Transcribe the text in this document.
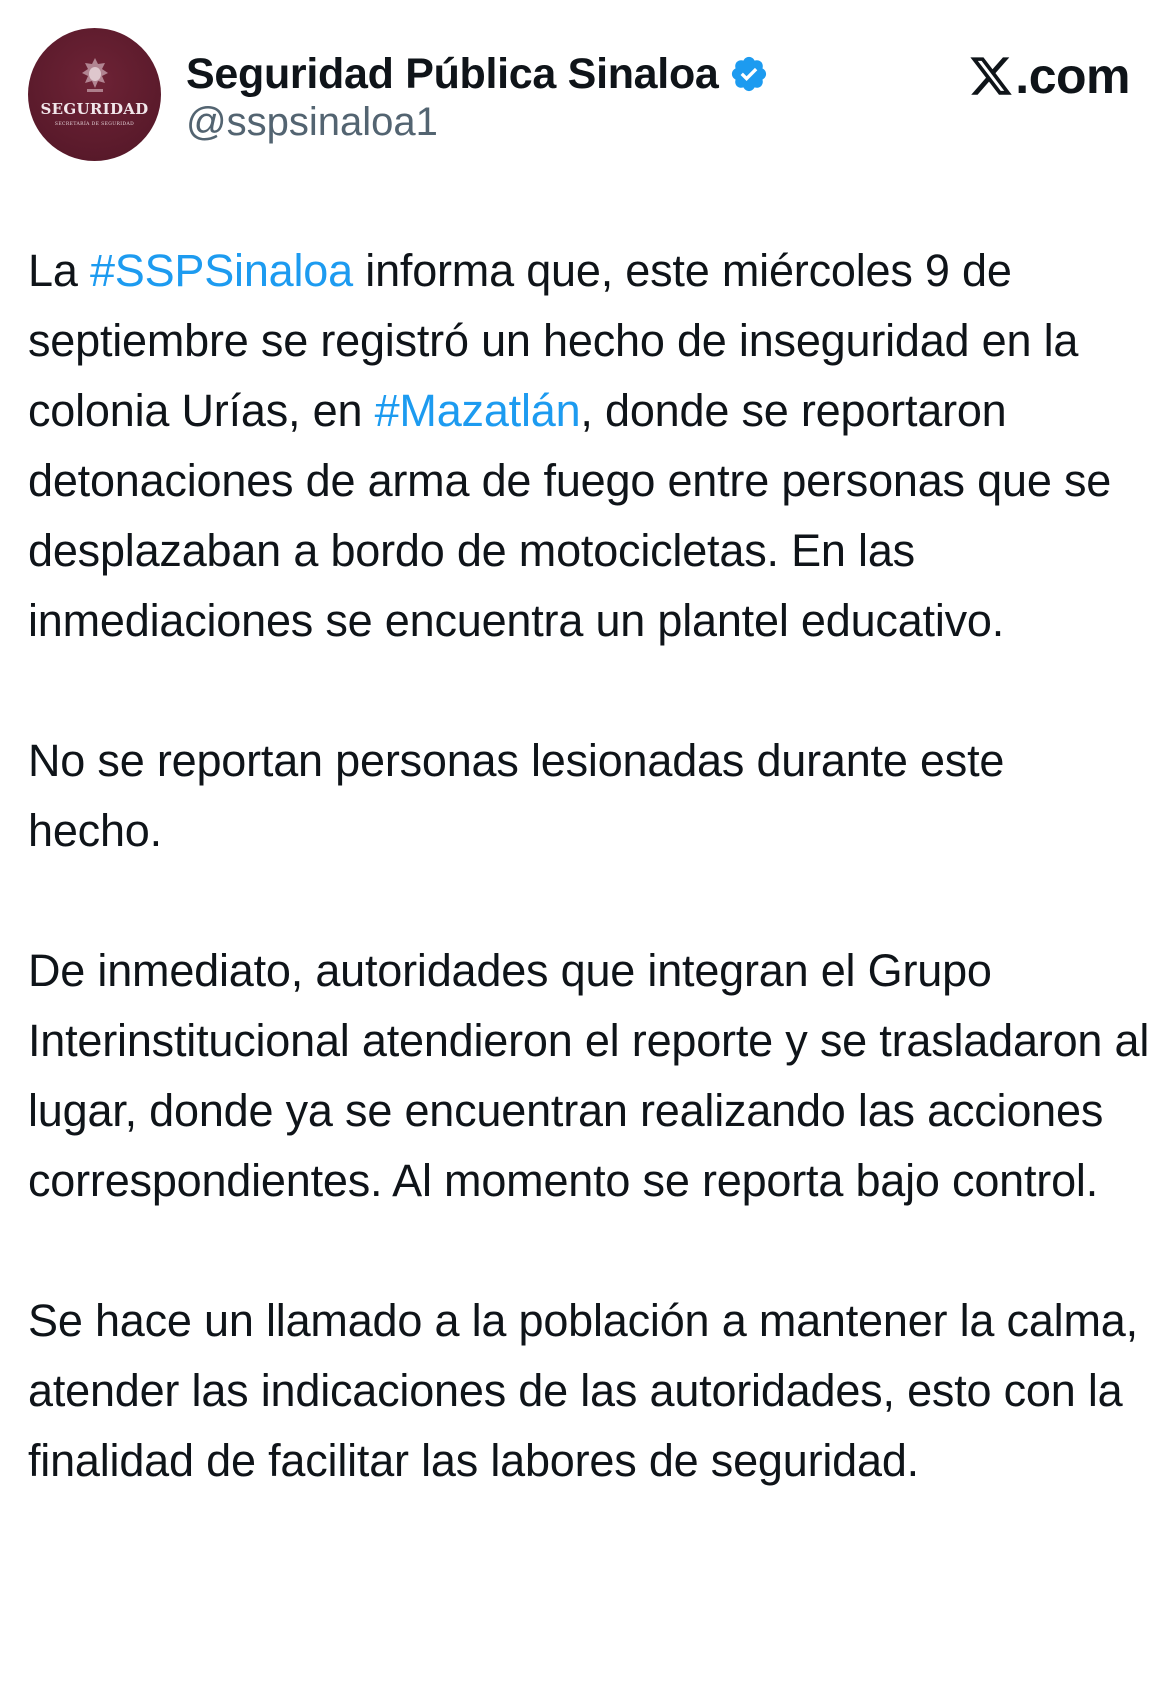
SEGURIDAD
SECRETARÍA DE SEGURIDAD
Seguridad Pública Sinaloa
@sspsinaloa1
.com

La #SSPSinaloa informa que, este miércoles 9 de septiembre se registró un hecho de inseguridad en la colonia Urías, en #Mazatlán, donde se reportaron detonaciones de arma de fuego entre personas que se desplazaban a bordo de motocicletas. En las inmediaciones se encuentra un plantel educativo.

No se reportan personas lesionadas durante este hecho.

De inmediato, autoridades que integran el Grupo Interinstitucional atendieron el reporte y se trasladaron al lugar, donde ya se encuentran realizando las acciones correspondientes. Al momento se reporta bajo control.

Se hace un llamado a la población a mantener la calma, atender las indicaciones de las autoridades, esto con la finalidad de facilitar las labores de seguridad.
